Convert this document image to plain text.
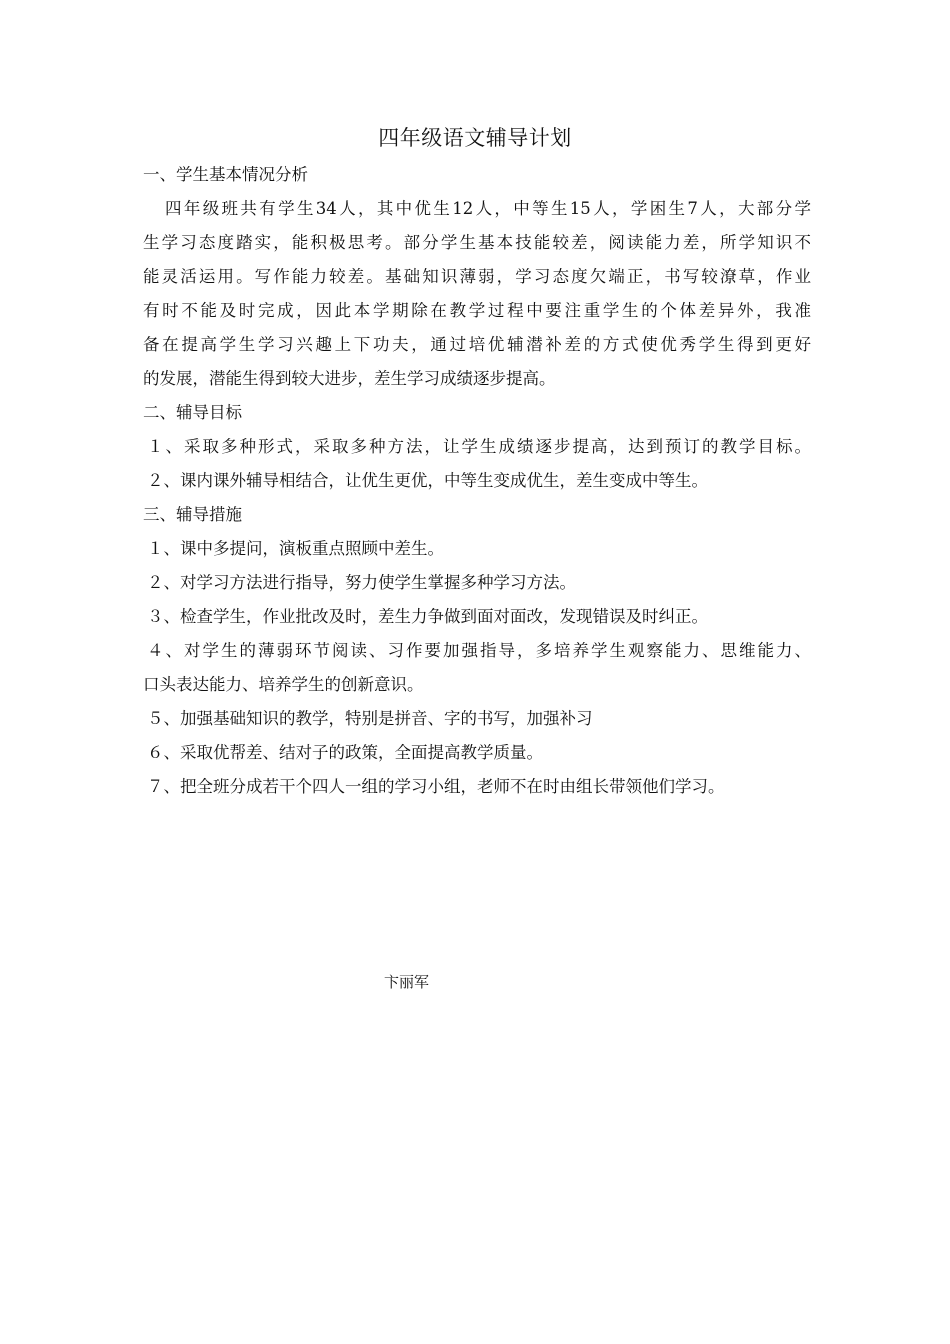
四年级语文辅导计划
一、学生基本情况分析
四年级班共有学生34人，其中优生12人，中等生15人，学困生7人，大部分学
生学习态度踏实，能积极思考。部分学生基本技能较差，阅读能力差，所学知识不
能灵活运用。写作能力较差。基础知识薄弱，学习态度欠端正，书写较潦草，作业
有时不能及时完成，因此本学期除在教学过程中要注重学生的个体差异外，我准
备在提高学生学习兴趣上下功夫，通过培优辅潜补差的方式使优秀学生得到更好
的发展，潜能生得到较大进步，差生学习成绩逐步提高。
二、辅导目标
１、采取多种形式，采取多种方法，让学生成绩逐步提高，达到预订的教学目标。
２、课内课外辅导相结合，让优生更优，中等生变成优生，差生变成中等生。
三、辅导措施
１、课中多提问，演板重点照顾中差生。
２、对学习方法进行指导，努力使学生掌握多种学习方法。
３、检查学生，作业批改及时，差生力争做到面对面改，发现错误及时纠正。
４、对学生的薄弱环节阅读、习作要加强指导，多培养学生观察能力、思维能力、
口头表达能力、培养学生的创新意识。
５、加强基础知识的教学，特别是拼音、字的书写，加强补习
６、采取优帮差、结对子的政策，全面提高教学质量。
７、把全班分成若干个四人一组的学习小组，老师不在时由组长带领他们学习。
卞丽军
